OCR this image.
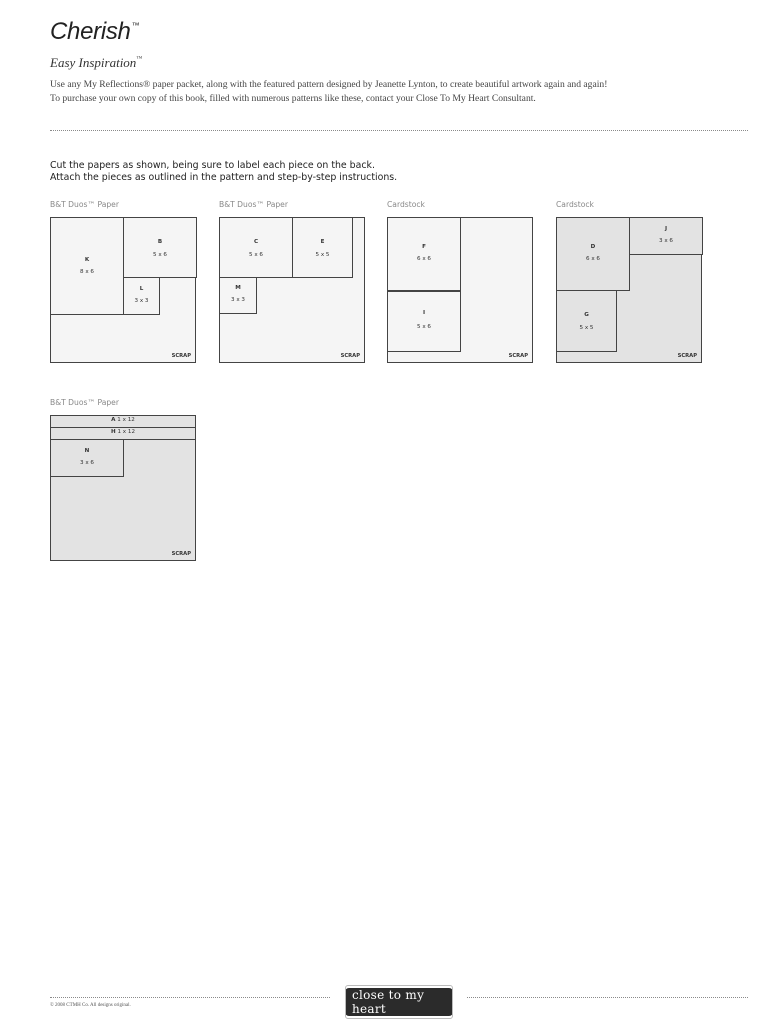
Cherish™
Easy Inspiration™
Use any My Reflections® paper packet, along with the featured pattern designed by Jeanette Lynton, to create beautiful artwork again and again!
To purchase your own copy of this book, filled with numerous patterns like these, contact your Close To My Heart Consultant.
Cut the papers as shown, being sure to label each piece on the back.
Attach the pieces as outlined in the pattern and step-by-step instructions.
B&T Duos™ Paper
K
8 x 6
B
5 x 6
L
3 x 3
SCRAP
B&T Duos™ Paper
C
5 x 6
E
5 x 5
M
3 x 3
SCRAP
Cardstock
F
6 x 6
I
5 x 6
SCRAP
Cardstock
J
3 x 6
D
6 x 6
G
5 x 5
SCRAP
B&T Duos™ Paper
A 1 x 12
H 1 x 12
N
3 x 6
SCRAP
© 2008 CTMH Co. All designs original.
close to my heart
